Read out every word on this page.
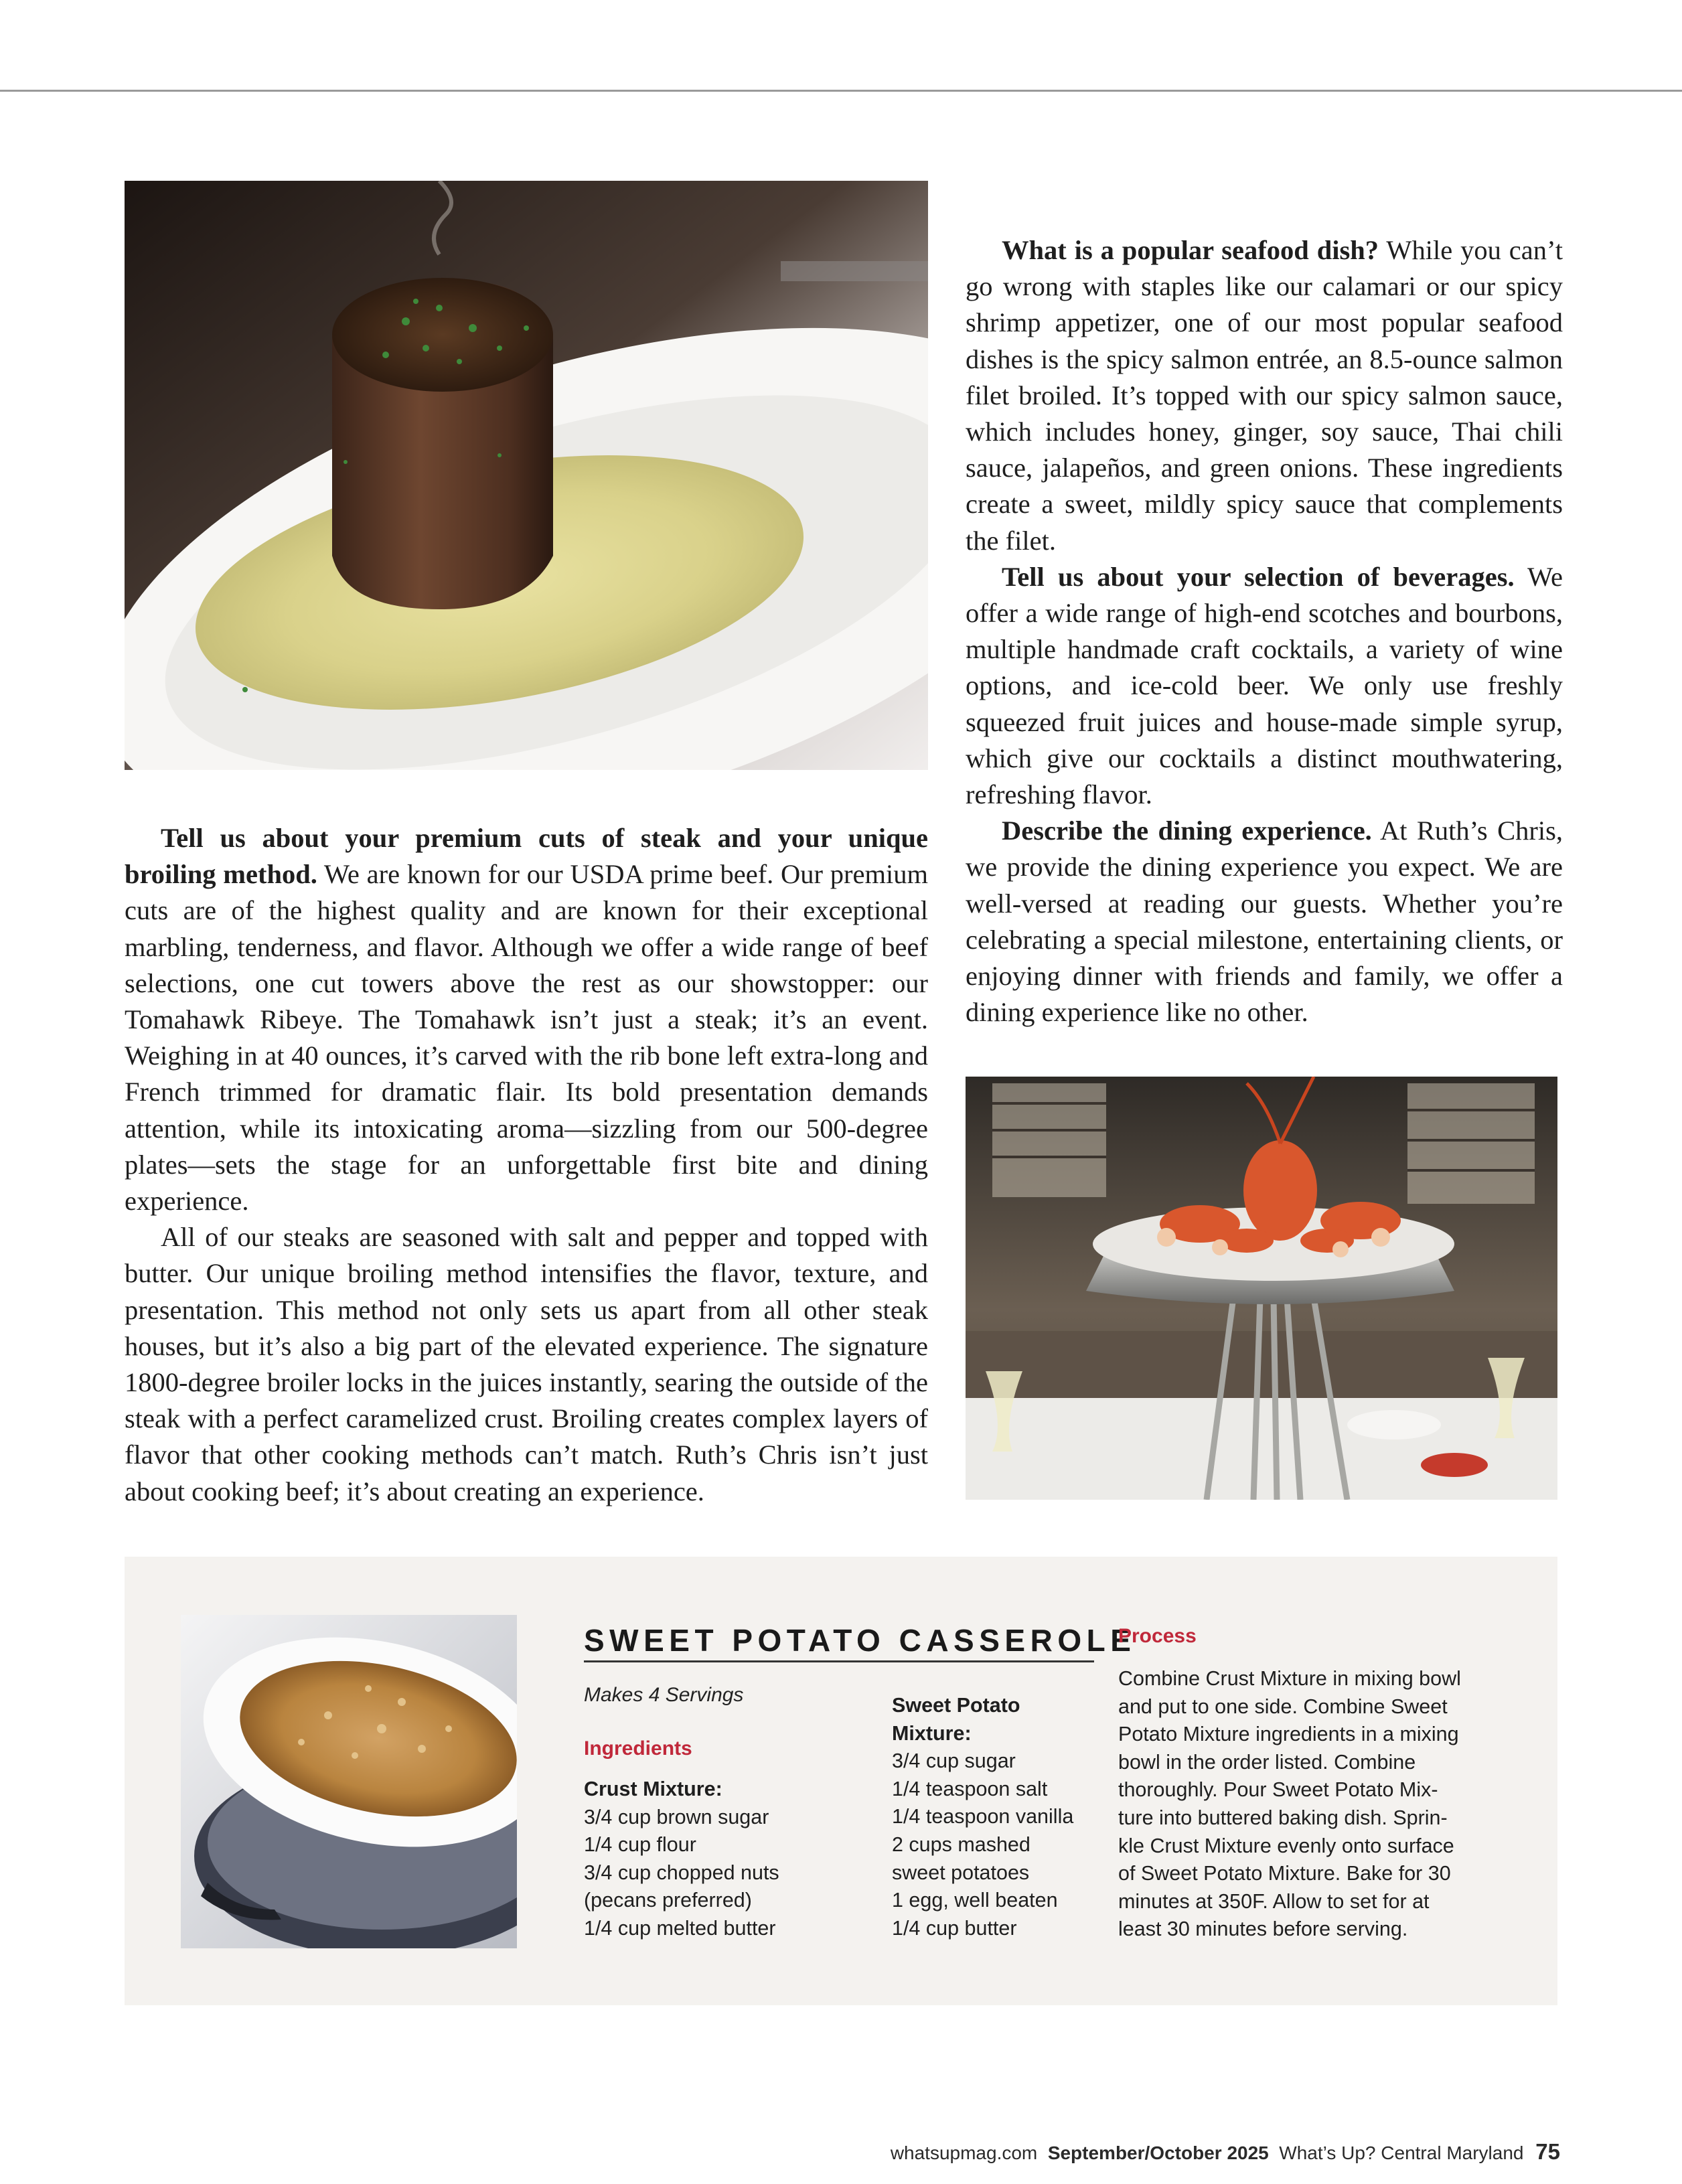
What is a popular seafood dish? While you can’t go wrong with staples like our calamari or our spicy shrimp appetizer, one of our most popular seafood dishes is the spicy salmon entrée, an 8.5-ounce salmon filet broiled. It’s topped with our spicy salmon sauce, which includes honey, ginger, soy sauce, Thai chili sauce, jalapeños, and green onions. These ingredients create a sweet, mildly spicy sauce that complements the filet.

Tell us about your selection of beverages. We offer a wide range of high-end scotches and bourbons, multiple handmade craft cocktails, a variety of wine options, and ice-cold beer. We only use freshly squeezed fruit juices and house-made simple syrup, which give our cocktails a distinct mouthwatering, refreshing flavor.

Describe the dining experience. At Ruth’s Chris, we provide the dining experience you expect. We are well-versed at reading our guests. Whether you’re celebrating a special milestone, entertaining clients, or enjoying dinner with friends and family, we offer a dining experience like no other.

Tell us about your premium cuts of steak and your unique broiling method. We are known for our USDA prime beef. Our premium cuts are of the highest quality and are known for their exceptional marbling, tenderness, and flavor. Although we offer a wide range of beef selections, one cut towers above the rest as our showstopper: our Tomahawk Ribeye. The Tomahawk isn’t just a steak; it’s an event. Weighing in at 40 ounces, it’s carved with the rib bone left extra-long and French trimmed for dramatic flair. Its bold presentation demands attention, while its intoxicating aroma—sizzling from our 500-degree plates—sets the stage for an unforgettable first bite and dining experience.

All of our steaks are seasoned with salt and pepper and topped with butter. Our unique broiling method intensifies the flavor, texture, and presentation. This method not only sets us apart from all other steak houses, but it’s also a big part of the elevated experience. The signature 1800-degree broiler locks in the juices instantly, searing the outside of the steak with a perfect caramelized crust. Broiling creates complex layers of flavor that other cooking methods can’t match. Ruth’s Chris isn’t just about cooking beef; it’s about creating an experience.

SWEET POTATO CASSEROLE
Makes 4 Servings
Ingredients
Crust Mixture:
3/4 cup brown sugar
1/4 cup flour
3/4 cup chopped nuts
(pecans preferred)
1/4 cup melted butter
Sweet Potato
Mixture:
3/4 cup sugar
1/4 teaspoon salt
1/4 teaspoon vanilla
2 cups mashed
sweet potatoes
1 egg, well beaten
1/4 cup butter
Process
Combine Crust Mixture in mixing bowl
and put to one side. Combine Sweet
Potato Mixture ingredients in a mixing
bowl in the order listed. Combine
thoroughly. Pour Sweet Potato Mix-
ture into buttered baking dish. Sprin-
kle Crust Mixture evenly onto surface
of Sweet Potato Mixture. Bake for 30
minutes at 350F. Allow to set for at
least 30 minutes before serving.
whatsupmag.com September/October 2025 What’s Up? Central Maryland 75
